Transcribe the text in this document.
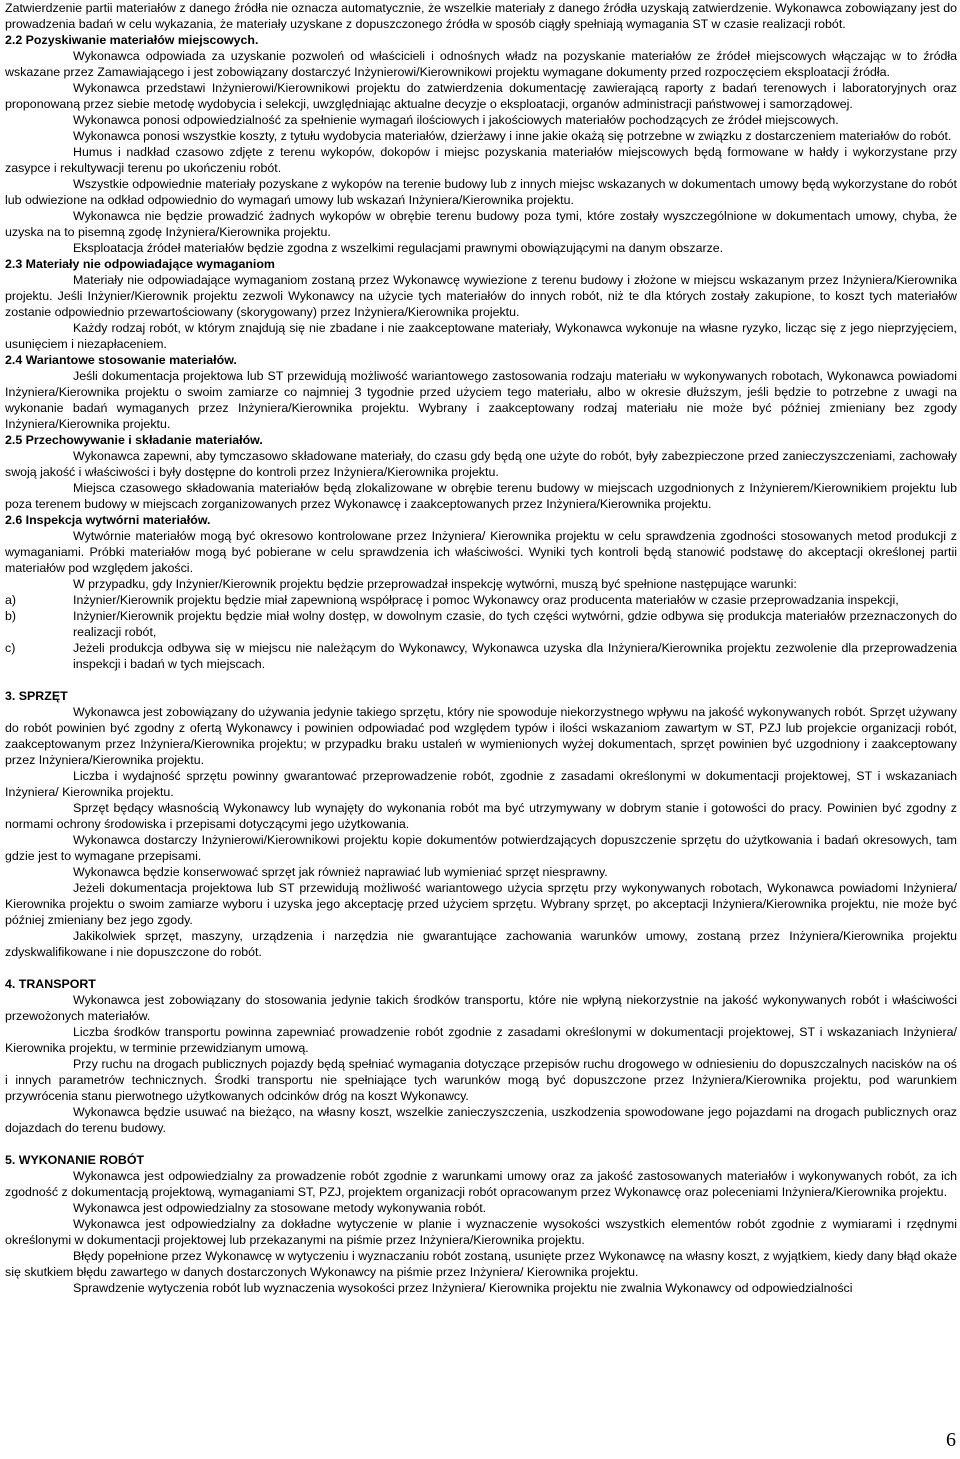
Zatwierdzenie partii materiałów z danego źródła nie oznacza automatycznie, że wszelkie materiały z danego źródła uzyskają zatwierdzenie. Wykonawca zobowiązany jest do prowadzenia badań w celu wykazania, że materiały uzyskane z dopuszczonego źródła w sposób ciągły spełniają wymagania ST w czasie realizacji robót.

2.2 Pozyskiwanie materiałów miejscowych.

Wykonawca odpowiada za uzyskanie pozwoleń od właścicieli i odnośnych władz na pozyskanie materiałów ze źródeł miejscowych włączając w to źródła wskazane przez Zamawiającego i jest zobowiązany dostarczyć Inżynierowi/Kierownikowi projektu wymagane dokumenty przed rozpoczęciem eksploatacji źródła.

Wykonawca przedstawi Inżynierowi/Kierownikowi projektu do zatwierdzenia dokumentację zawierającą raporty z badań terenowych i laboratoryjnych oraz proponowaną przez siebie metodę wydobycia i selekcji, uwzględniając aktualne decyzje o eksploatacji, organów administracji państwowej i samorządowej.

Wykonawca ponosi odpowiedzialność za spełnienie wymagań ilościowych i jakościowych materiałów pochodzących ze źródeł miejscowych.

Wykonawca ponosi wszystkie koszty, z tytułu wydobycia materiałów, dzierżawy i inne jakie okażą się potrzebne w związku z dostarczeniem materiałów do robót.

Humus i nadkład czasowo zdjęte z terenu wykopów, dokopów i miejsc pozyskania materiałów miejscowych będą formowane w hałdy i wykorzystane przy zasypce i rekultywacji terenu po ukończeniu robót.

Wszystkie odpowiednie materiały pozyskane z wykopów na terenie budowy lub z innych miejsc wskazanych w dokumentach umowy będą wykorzystane do robót lub odwiezione na odkład odpowiednio do wymagań umowy lub wskazań Inżyniera/Kierownika projektu.

Wykonawca nie będzie prowadzić żadnych wykopów w obrębie terenu budowy poza tymi, które zostały wyszczególnione w dokumentach umowy, chyba, że uzyska na to pisemną zgodę Inżyniera/Kierownika projektu.

Eksploatacja źródeł materiałów będzie zgodna z wszelkimi regulacjami prawnymi obowiązującymi na danym obszarze.

2.3 Materiały nie odpowiadające wymaganiom

Materiały nie odpowiadające wymaganiom zostaną przez Wykonawcę wywiezione z terenu budowy i złożone w miejscu wskazanym przez Inżyniera/Kierownika projektu. Jeśli Inżynier/Kierownik projektu zezwoli Wykonawcy na użycie tych materiałów do innych robót, niż te dla których zostały zakupione, to koszt tych materiałów zostanie odpowiednio przewartościowany (skorygowany) przez Inżyniera/Kierownika projektu.

Każdy rodzaj robót, w którym znajdują się nie zbadane i nie zaakceptowane materiały, Wykonawca wykonuje na własne ryzyko, licząc się z jego nieprzyjęciem, usunięciem i niezapłaceniem.

2.4 Wariantowe stosowanie materiałów.

Jeśli dokumentacja projektowa lub ST przewidują możliwość wariantowego zastosowania rodzaju materiału w wykonywanych robotach, Wykonawca powiadomi Inżyniera/Kierownika projektu o swoim zamiarze co najmniej 3 tygodnie przed użyciem tego materiału, albo w okresie dłuższym, jeśli będzie to potrzebne z uwagi na wykonanie badań wymaganych przez Inżyniera/Kierownika projektu. Wybrany i zaakceptowany rodzaj materiału nie może być później zmieniany bez zgody Inżyniera/Kierownika projektu.

2.5 Przechowywanie i składanie materiałów.

Wykonawca zapewni, aby tymczasowo składowane materiały, do czasu gdy będą one użyte do robót, były zabezpieczone przed zanieczyszczeniami, zachowały swoją jakość i właściwości i były dostępne do kontroli przez Inżyniera/Kierownika projektu.

Miejsca czasowego składowania materiałów będą zlokalizowane w obrębie terenu budowy w miejscach uzgodnionych z Inżynierem/Kierownikiem projektu lub poza terenem budowy w miejscach zorganizowanych przez Wykonawcę i zaakceptowanych przez Inżyniera/Kierownika projektu.

2.6 Inspekcja wytwórni materiałów.

Wytwórnie materiałów mogą być okresowo kontrolowane przez Inżyniera/ Kierownika projektu w celu sprawdzenia zgodności stosowanych metod produkcji z wymaganiami. Próbki materiałów mogą być pobierane w celu sprawdzenia ich właściwości. Wyniki tych kontroli będą stanowić podstawę do akceptacji określonej partii materiałów pod względem jakości.

W przypadku, gdy Inżynier/Kierownik projektu będzie przeprowadzał inspekcję wytwórni, muszą być spełnione następujące warunki:

a)	Inżynier/Kierownik projektu będzie miał zapewnioną współpracę i pomoc Wykonawcy oraz producenta materiałów w czasie przeprowadzania inspekcji,
b)	Inżynier/Kierownik projektu będzie miał wolny dostęp, w dowolnym czasie, do tych części wytwórni, gdzie odbywa się produkcja materiałów przeznaczonych do realizacji robót,
c)	Jeżeli produkcja odbywa się w miejscu nie należącym do Wykonawcy, Wykonawca uzyska dla Inżyniera/Kierownika projektu zezwolenie dla przeprowadzenia inspekcji i badań w tych miejscach.
3. SPRZĘT

Wykonawca jest zobowiązany do używania jedynie takiego sprzętu, który nie spowoduje niekorzystnego wpływu na jakość wykonywanych robót. Sprzęt używany do robót powinien być zgodny z ofertą Wykonawcy i powinien odpowiadać pod względem typów i ilości wskazaniom zawartym w ST, PZJ lub projekcie organizacji robót, zaakceptowanym przez Inżyniera/Kierownika projektu; w przypadku braku ustaleń w wymienionych wyżej dokumentach, sprzęt powinien być uzgodniony i zaakceptowany przez Inżyniera/Kierownika projektu.

Liczba i wydajność sprzętu powinny gwarantować przeprowadzenie robót, zgodnie z zasadami określonymi w dokumentacji projektowej, ST i wskazaniach Inżyniera/ Kierownika projektu.

Sprzęt będący własnością Wykonawcy lub wynajęty do wykonania robót ma być utrzymywany w dobrym stanie i gotowości do pracy. Powinien być zgodny z normami ochrony środowiska i przepisami dotyczącymi jego użytkowania.

Wykonawca dostarczy Inżynierowi/Kierownikowi projektu kopie dokumentów potwierdzających dopuszczenie sprzętu do użytkowania i badań okresowych, tam gdzie jest to wymagane przepisami.

Wykonawca będzie konserwować sprzęt jak również naprawiać lub wymieniać sprzęt niesprawny.

Jeżeli dokumentacja projektowa lub ST przewidują możliwość wariantowego użycia sprzętu przy wykonywanych robotach, Wykonawca powiadomi Inżyniera/ Kierownika projektu o swoim zamiarze wyboru i uzyska jego akceptację przed użyciem sprzętu. Wybrany sprzęt, po akceptacji Inżyniera/Kierownika projektu, nie może być później zmieniany bez jego zgody.

Jakikolwiek sprzęt, maszyny, urządzenia i narzędzia nie gwarantujące zachowania warunków umowy, zostaną przez Inżyniera/Kierownika projektu zdyskwalifikowane i nie dopuszczone do robót.

4. TRANSPORT

Wykonawca jest zobowiązany do stosowania jedynie takich środków transportu, które nie wpłyną niekorzystnie na jakość wykonywanych robót i właściwości przewożonych materiałów.

Liczba środków transportu powinna zapewniać prowadzenie robót zgodnie z zasadami określonymi w dokumentacji projektowej, ST i wskazaniach Inżyniera/ Kierownika projektu, w terminie przewidzianym umową.

Przy ruchu na drogach publicznych pojazdy będą spełniać wymagania dotyczące przepisów ruchu drogowego w odniesieniu do dopuszczalnych nacisków na oś i innych parametrów technicznych. Środki transportu nie spełniające tych warunków mogą być dopuszczone przez Inżyniera/Kierownika projektu, pod warunkiem przywrócenia stanu pierwotnego użytkowanych odcinków dróg na koszt Wykonawcy.

Wykonawca będzie usuwać na bieżąco, na własny koszt, wszelkie zanieczyszczenia, uszkodzenia spowodowane jego pojazdami na drogach publicznych oraz dojazdach do terenu budowy.

5. WYKONANIE ROBÓT

Wykonawca jest odpowiedzialny za prowadzenie robót zgodnie z warunkami umowy oraz za jakość zastosowanych materiałów i wykonywanych robót, za ich zgodność z dokumentacją projektową, wymaganiami ST, PZJ, projektem organizacji robót opracowanym przez Wykonawcę oraz poleceniami Inżyniera/Kierownika projektu.

Wykonawca jest odpowiedzialny za stosowane metody wykonywania robót.

Wykonawca jest odpowiedzialny za dokładne wytyczenie w planie i wyznaczenie wysokości wszystkich elementów robót zgodnie z wymiarami i rzędnymi określonymi w dokumentacji projektowej lub przekazanymi na piśmie przez Inżyniera/Kierownika projektu.

Błędy popełnione przez Wykonawcę w wytyczeniu i wyznaczaniu robót zostaną, usunięte przez Wykonawcę na własny koszt, z wyjątkiem, kiedy dany błąd okaże się skutkiem błędu zawartego w danych dostarczonych Wykonawcy na piśmie przez Inżyniera/ Kierownika projektu.

Sprawdzenie wytyczenia robót lub wyznaczenia wysokości przez Inżyniera/ Kierownika projektu nie zwalnia Wykonawcy od odpowiedzialności

6
